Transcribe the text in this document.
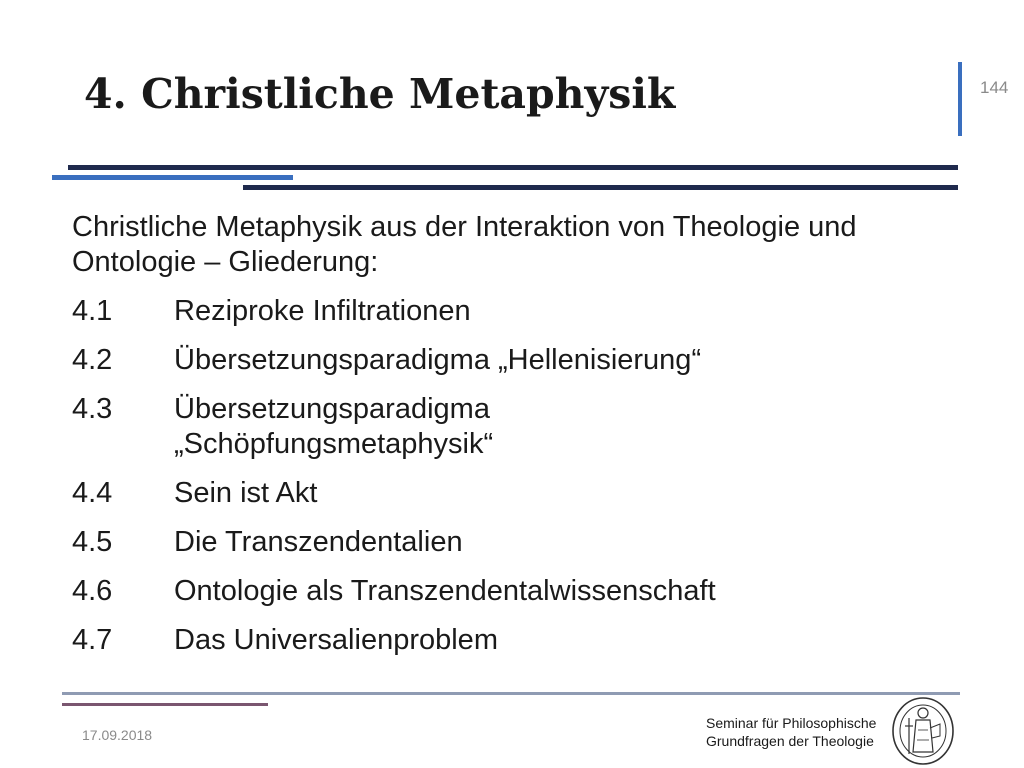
4. Christliche Metaphysik	144
Christliche Metaphysik aus der Interaktion von Theologie und Ontologie – Gliederung:
4.1	Reziproke Infiltrationen
4.2	Übersetzungsparadigma „Hellenisierung“
4.3	Übersetzungsparadigma „Schöpfungsmetaphysik“
4.4	Sein ist Akt
4.5	Die Transzendentalien
4.6	Ontologie als Transzendentalwissenschaft
4.7	Das Universalienproblem
17.09.2018
Seminar für Philosophische
Grundfragen der Theologie
